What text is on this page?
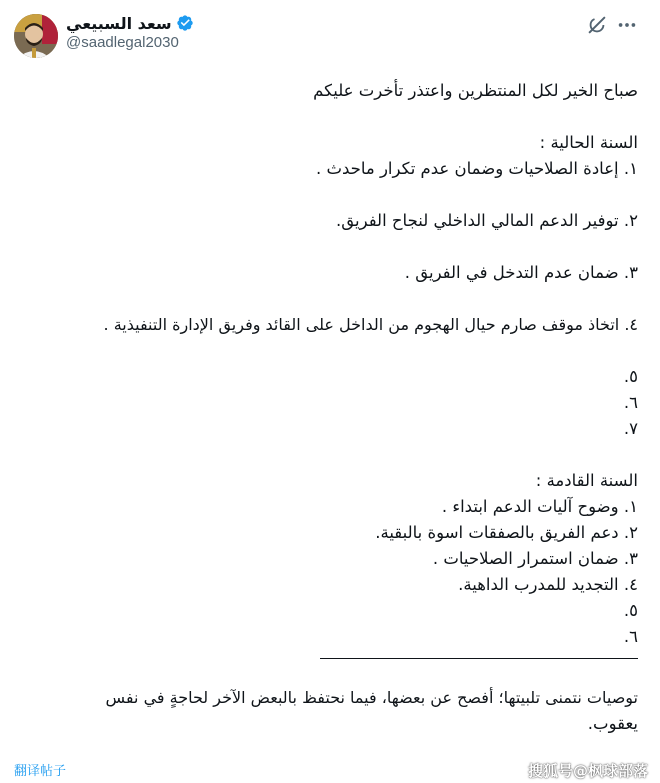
سعد السبيعي
@saadlegal2030
صباح الخير لكل المنتظرين واعتذر تأخرت عليكم
السنة الحالية :
١. إعادة الصلاحيات وضمان عدم تكرار ماحدث .
٢. توفير الدعم المالي الداخلي لنجاح الفريق.
٣. ضمان عدم التدخل في الفريق .
٤. اتخاذ موقف صارم حيال الهجوم من الداخل على القائد وفريق الإدارة التنفيذية .
٥.
٦.
٧.
السنة القادمة :
١. وضوح آليات الدعم ابتداء .
٢. دعم الفريق بالصفقات اسوة بالبقية.
٣. ضمان استمرار الصلاحيات .
٤. التجديد للمدرب الداهية.
٥.
٦.
توصيات نتمنى تلبيتها؛ أفصح عن بعضها، فيما نحتفظ بالبعض الآخر لحاجةٍ في نفس
يعقوب.
翻译帖子	搜狐号@枫球部落
